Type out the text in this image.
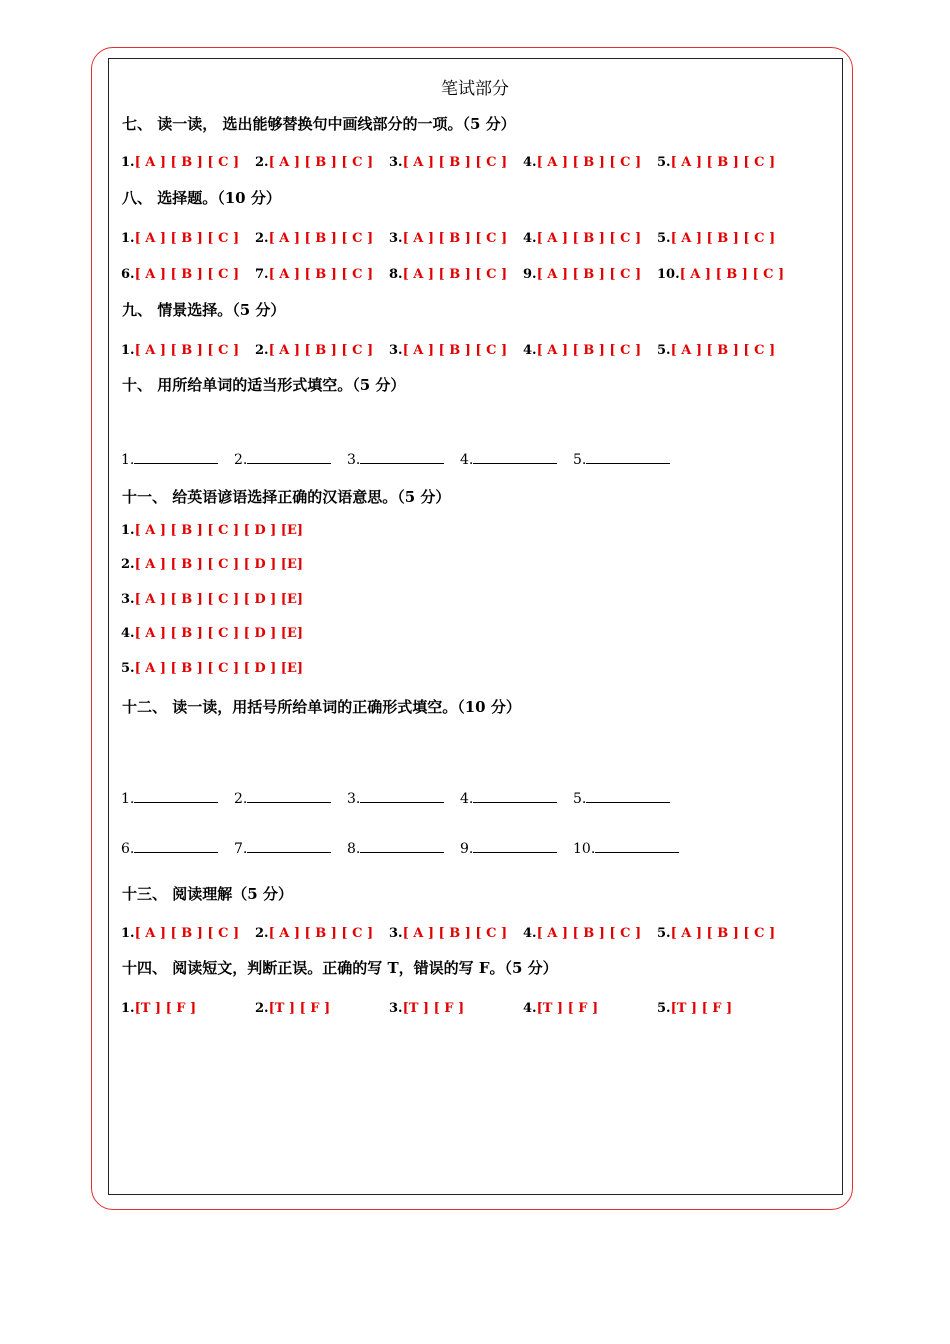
笔试部分
七、 读一读， 选出能够替换句中画线部分的一项。（5 分）
1.[ A ] [ B ] [ C ] 2.[ A ] [ B ] [ C ] 3.[ A ] [ B ] [ C ] 4.[ A ] [ B ] [ C ] 5.[ A ] [ B ] [ C ]
八、 选择题。（10 分）
1.[ A ] [ B ] [ C ] 2.[ A ] [ B ] [ C ] 3.[ A ] [ B ] [ C ] 4.[ A ] [ B ] [ C ] 5.[ A ] [ B ] [ C ]
6.[ A ] [ B ] [ C ] 7.[ A ] [ B ] [ C ] 8.[ A ] [ B ] [ C ] 9.[ A ] [ B ] [ C ] 10.[ A ] [ B ] [ C ]
九、 情景选择。（5 分）
1.[ A ] [ B ] [ C ] 2.[ A ] [ B ] [ C ] 3.[ A ] [ B ] [ C ] 4.[ A ] [ B ] [ C ] 5.[ A ] [ B ] [ C ]
十、 用所给单词的适当形式填空。（5 分）
1.	2.	3.	4.	5.
十一、 给英语谚语选择正确的汉语意思。（5 分）
1.[ A ] [ B ] [ C ] [ D ] [E]
2.[ A ] [ B ] [ C ] [ D ] [E]
3.[ A ] [ B ] [ C ] [ D ] [E]
4.[ A ] [ B ] [ C ] [ D ] [E]
5.[ A ] [ B ] [ C ] [ D ] [E]
十二、 读一读，用括号所给单词的正确形式填空。（10 分）
1.	2.	3.	4.	5.
6.	7.	8.	9.	10.
十三、 阅读理解（5 分）
1.[ A ] [ B ] [ C ] 2.[ A ] [ B ] [ C ] 3.[ A ] [ B ] [ C ] 4.[ A ] [ B ] [ C ] 5.[ A ] [ B ] [ C ]
十四、 阅读短文，判断正误。正确的写 T，错误的写 F。（5 分）
1.[T ] [ F ]	2.[T ] [ F ]	3.[T ] [ F ]	4.[T ] [ F ]	5.[T ] [ F ]
